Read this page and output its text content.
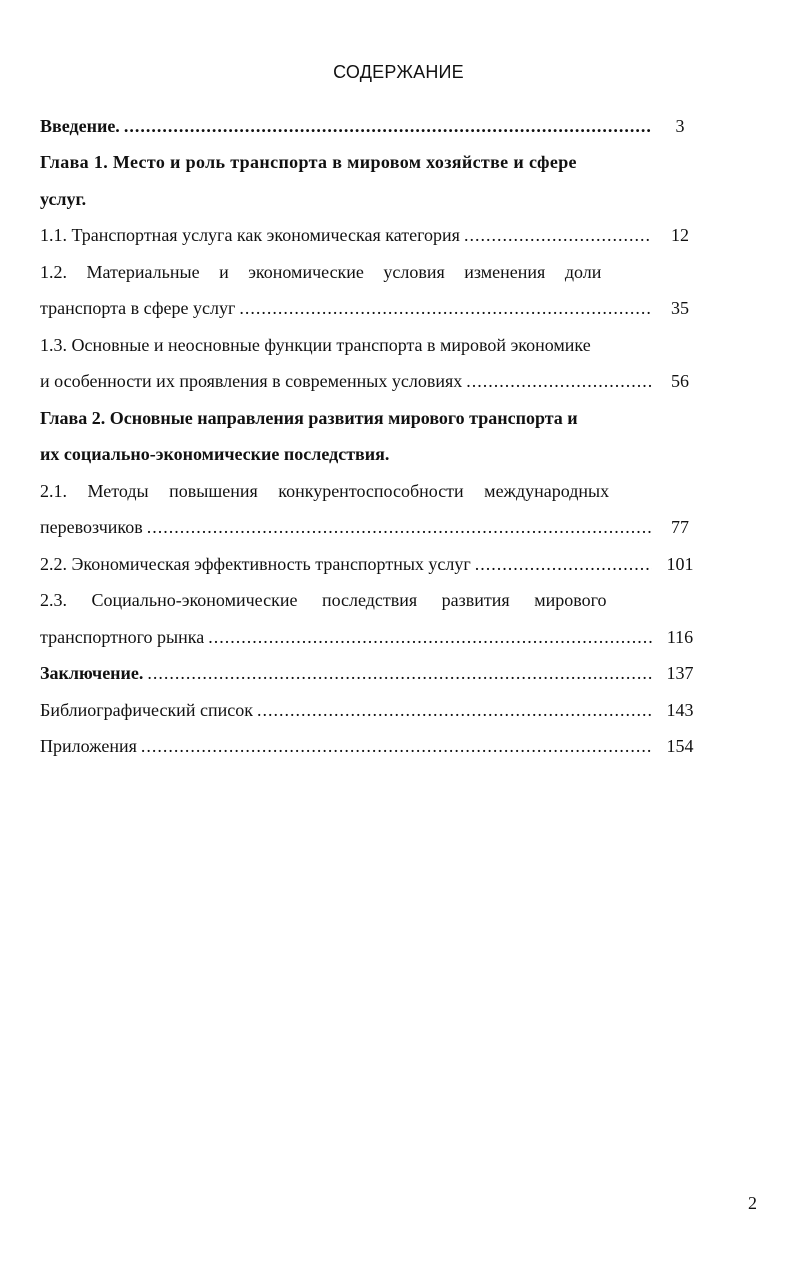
СОДЕРЖАНИЕ
Введение. .....	3
Глава 1. Место и роль транспорта в мировом хозяйстве и сфере
услуг.
1.1. Транспортная услуга как экономическая категория .....	12
1.2. Материальные и экономические условия изменения доли
транспорта в сфере услуг .....	35
1.3. Основные и неосновные функции транспорта в мировой экономике
и особенности их проявления в современных условиях .....	56
Глава 2. Основные направления развития мирового транспорта и
их социально-экономические последствия.
2.1. Методы повышения конкурентоспособности международных
перевозчиков .....	77
2.2. Экономическая эффективность транспортных услуг .....	101
2.3. Социально-экономические последствия развития мирового
транспортного рынка .....	116
Заключение. .....	137
Библиографический список .....	143
Приложения .....	154
2
